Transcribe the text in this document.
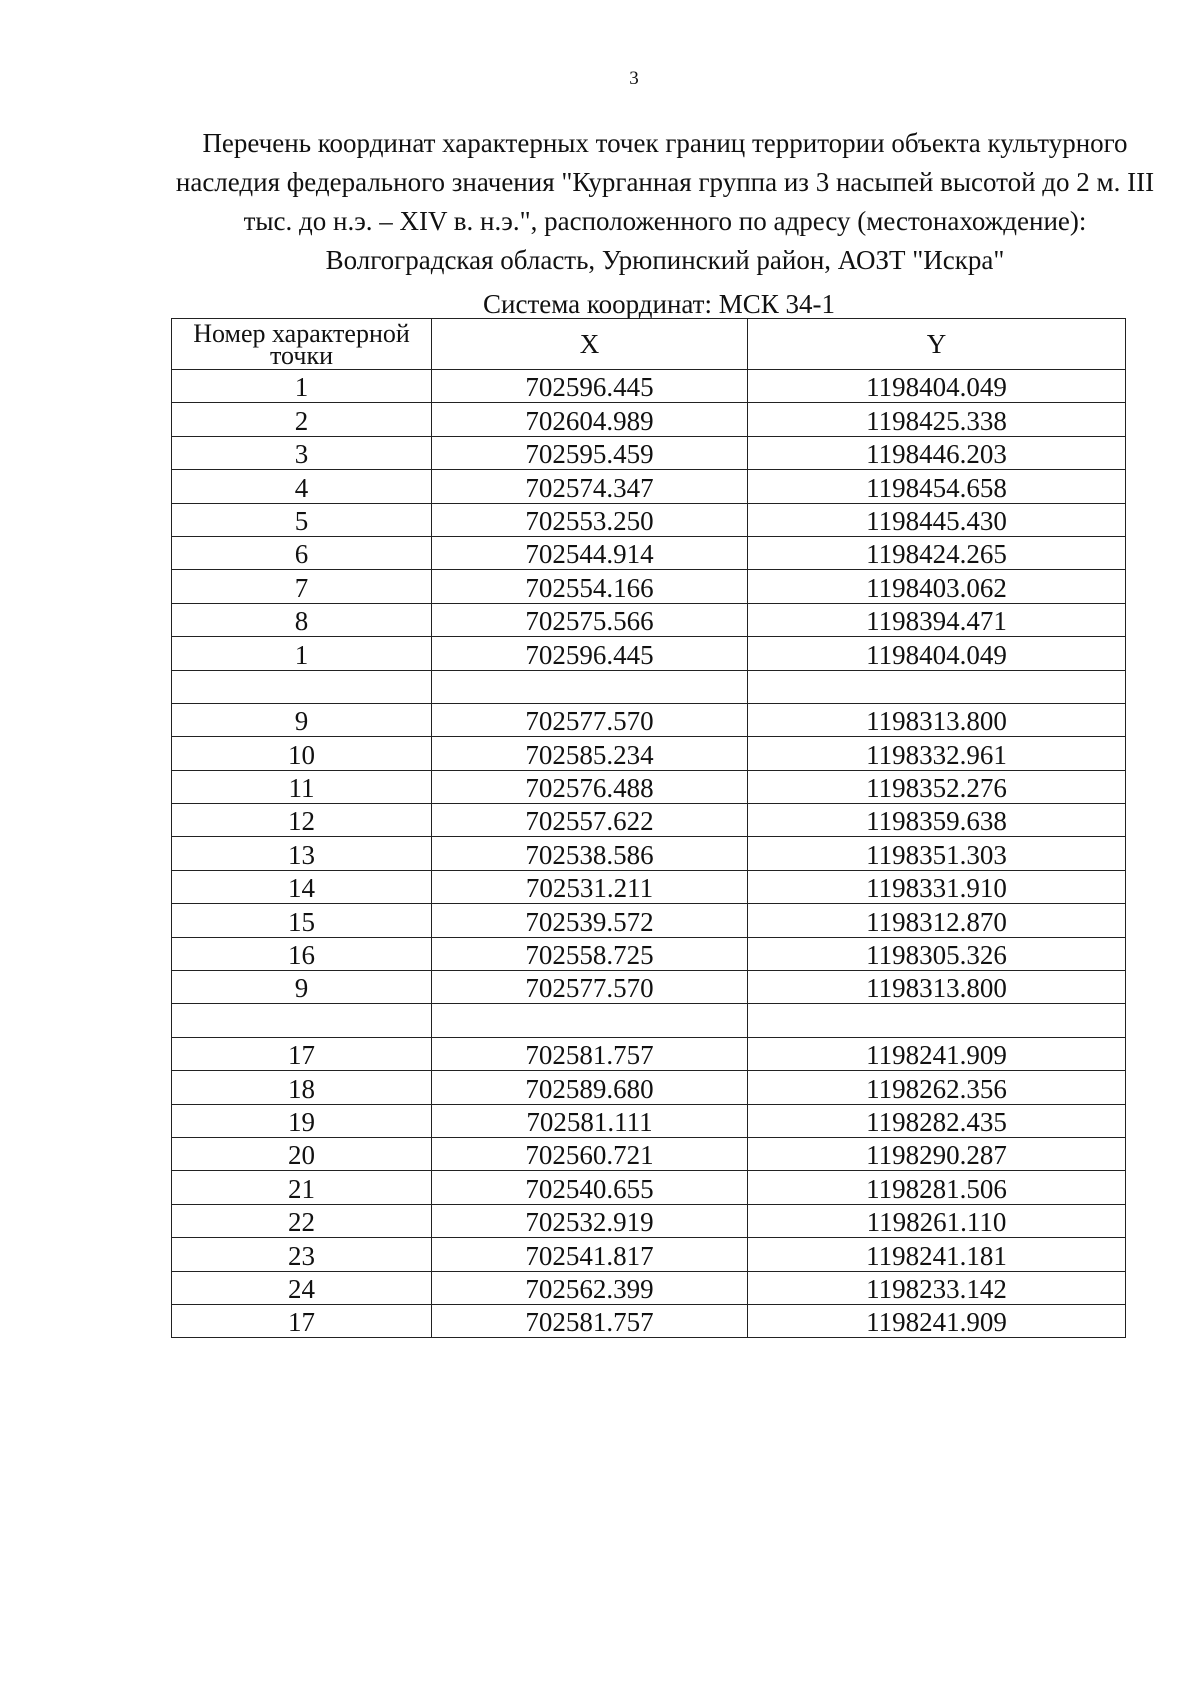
3
Перечень координат характерных точек границ территории объекта культурного наследия федерального значения "Курганная группа из 3 насыпей высотой до 2 м. III тыс. до н.э. – XIV в. н.э.", расположенного по адресу (местонахождение): Волгоградская область, Урюпинский район, АОЗТ "Искра"
Система координат: МСК 34-1
Номер характерной точки	X	Y
1	702596.445	1198404.049
2	702604.989	1198425.338
3	702595.459	1198446.203
4	702574.347	1198454.658
5	702553.250	1198445.430
6	702544.914	1198424.265
7	702554.166	1198403.062
8	702575.566	1198394.471
1	702596.445	1198404.049

9	702577.570	1198313.800
10	702585.234	1198332.961
11	702576.488	1198352.276
12	702557.622	1198359.638
13	702538.586	1198351.303
14	702531.211	1198331.910
15	702539.572	1198312.870
16	702558.725	1198305.326
9	702577.570	1198313.800

17	702581.757	1198241.909
18	702589.680	1198262.356
19	702581.111	1198282.435
20	702560.721	1198290.287
21	702540.655	1198281.506
22	702532.919	1198261.110
23	702541.817	1198241.181
24	702562.399	1198233.142
17	702581.757	1198241.909
